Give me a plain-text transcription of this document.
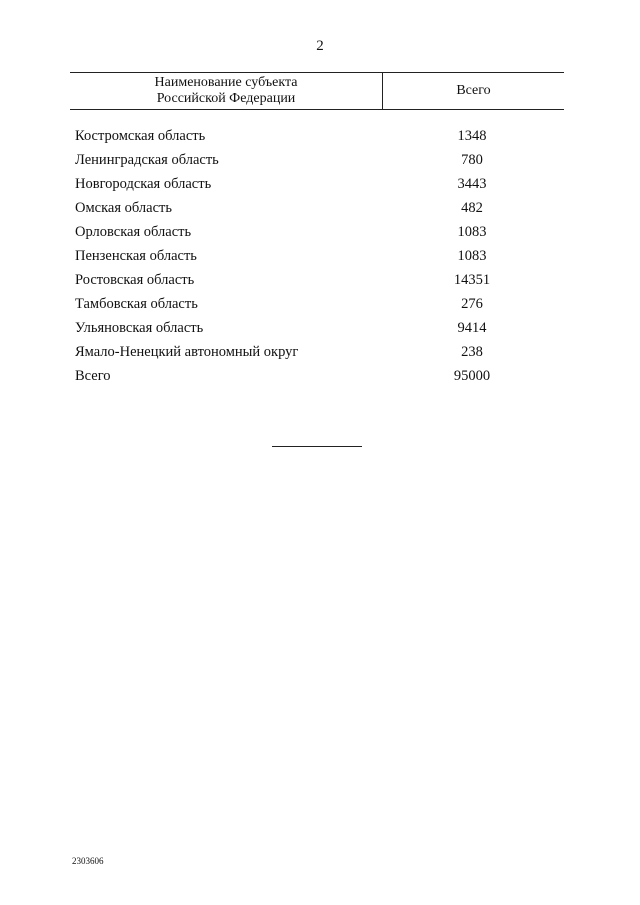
2
Наименование субъекта
Российской Федерации
Всего
Костромская область	1348
Ленинградская область	780
Новгородская область	3443
Омская область	482
Орловская область	1083
Пензенская область	1083
Ростовская область	14351
Тамбовская область	276
Ульяновская область	9414
Ямало-Ненецкий автономный округ	238
Всего	95000
2303606
